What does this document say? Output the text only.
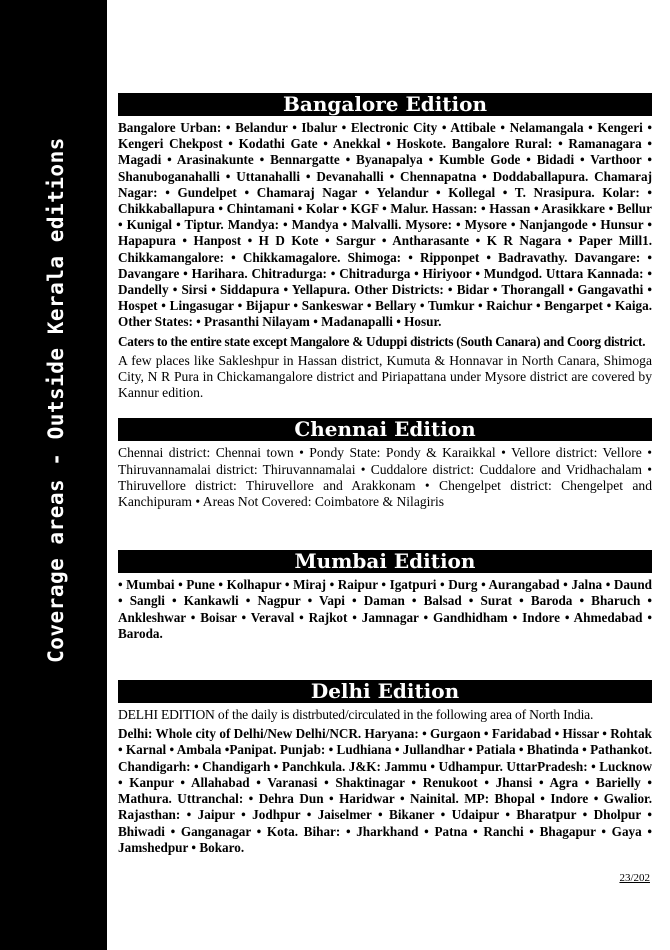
Coverage areas - Outside Kerala editions
Bangalore Edition

Bangalore Urban: • Belandur • Ibalur • Electronic City • Attibale • Nelamangala • Kengeri • Kengeri Chekpost • Kodathi Gate • Anekkal • Hoskote. Bangalore Rural: • Ramanagara • Magadi • Arasinakunte • Bennargatte • Byanapalya • Kumble Gode • Bidadi • Varthoor • Shanuboganahalli • Uttanahalli • Devanahalli • Chennapatna • Doddaballapura. Chamaraj Nagar: • Gundelpet • Chamaraj Nagar • Yelandur • Kollegal • T. Nrasipura. Kolar: • Chikkaballapura • Chintamani • Kolar • KGF • Malur. Hassan: • Hassan • Arasikkare • Bellur • Kunigal • Tiptur. Mandya: • Mandya • Malvalli. Mysore: • Mysore • Nanjangode • Hunsur • Hapapura • Hanpost • H D Kote • Sargur • Antharasante • K R Nagara • Paper Mill1. Chikkamangalore: • Chikkamagalore. Shimoga: • Ripponpet • Badravathy. Davangare: • Davangare • Harihara. Chitradurga: • Chitradurga • Hiriyoor • Mundgod. Uttara Kannada: • Dandelly • Sirsi • Siddapura • Yellapura. Other Districts: • Bidar • Thorangall • Gangavathi • Hospet • Lingasugar • Bijapur • Sankeswar • Bellary • Tumkur • Raichur • Bengarpet • Kaiga. Other States: • Prasanthi Nilayam • Madanapalli • Hosur.

Caters to the entire state except Mangalore & Uduppi districts (South Canara) and Coorg district.

A few places like Sakleshpur in Hassan district, Kumuta & Honnavar in North Canara, Shimoga City, N R Pura in Chickamangalore district and Piriapattana under Mysore district are covered by Kannur edition.

Chennai Edition

Chennai district: Chennai town • Pondy State: Pondy & Karaikkal • Vellore district: Vellore • Thiruvannamalai district: Thiruvannamalai • Cuddalore district: Cuddalore and Vridhachalam • Thiruvellore district: Thiruvellore and Arakkonam • Chengelpet district: Chengelpet and Kanchipuram • Areas Not Covered: Coimbatore & Nilagiris

Mumbai Edition

• Mumbai • Pune • Kolhapur • Miraj • Raipur • Igatpuri • Durg • Aurangabad • Jalna • Daund • Sangli • Kankawli • Nagpur • Vapi • Daman • Balsad • Surat • Baroda • Bharuch • Ankleshwar • Boisar • Veraval • Rajkot • Jamnagar • Gandhidham • Indore • Ahmedabad • Baroda.

Delhi Edition

DELHI EDITION of the daily is distrbuted/circulated in the following area of North India.

Delhi: Whole city of Delhi/New Delhi/NCR. Haryana: • Gurgaon • Faridabad • Hissar • Rohtak • Karnal • Ambala •Panipat. Punjab: • Ludhiana • Jullandhar • Patiala • Bhatinda • Pathankot. Chandigarh: • Chandigarh • Panchkula. J&K: Jammu • Udhampur. UttarPradesh: • Lucknow • Kanpur • Allahabad • Varanasi • Shaktinagar • Renukoot • Jhansi • Agra • Barielly • Mathura. Uttranchal: • Dehra Dun • Haridwar • Nainital. MP: Bhopal • Indore • Gwalior. Rajasthan: • Jaipur • Jodhpur • Jaiselmer • Bikaner • Udaipur • Bharatpur • Dholpur • Bhiwadi • Ganganagar • Kota. Bihar: • Jharkhand • Patna • Ranchi • Bhagapur • Gaya • Jamshedpur • Bokaro.

23/202
